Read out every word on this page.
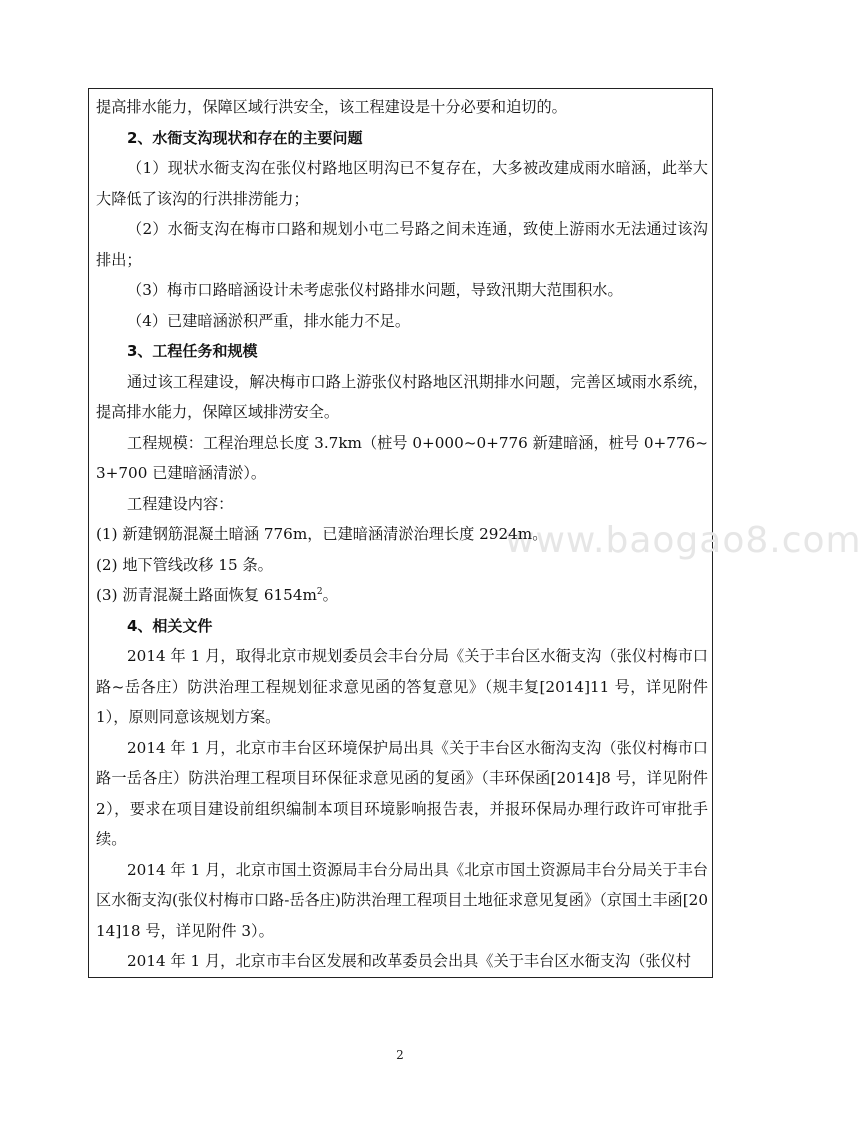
www.baogao8.com

提高排水能力，保障区域行洪安全，该工程建设是十分必要和迫切的。

2、水衙支沟现状和存在的主要问题

（1）现状水衙支沟在张仪村路地区明沟已不复存在，大多被改建成雨水暗涵，此举大大降低了该沟的行洪排涝能力；

（2）水衙支沟在梅市口路和规划小屯二号路之间未连通，致使上游雨水无法通过该沟排出；

（3）梅市口路暗涵设计未考虑张仪村路排水问题，导致汛期大范围积水。

（4）已建暗涵淤积严重，排水能力不足。

3、工程任务和规模

通过该工程建设，解决梅市口路上游张仪村路地区汛期排水问题，完善区域雨水系统，提高排水能力，保障区域排涝安全。

工程规模：工程治理总长度 3.7km（桩号 0+000~0+776 新建暗涵，桩号 0+776~3+700 已建暗涵清淤）。

工程建设内容：

(1) 新建钢筋混凝土暗涵 776m，已建暗涵清淤治理长度 2924m。

(2) 地下管线改移 15 条。

(3) 沥青混凝土路面恢复 $6154m^2$。

4、相关文件

2014 年 1 月，取得北京市规划委员会丰台分局《关于丰台区水衙支沟（张仪村梅市口路~岳各庄）防洪治理工程规划征求意见函的答复意见》（规丰复[2014]11 号，详见附件 1），原则同意该规划方案。

2014 年 1 月，北京市丰台区环境保护局出具《关于丰台区水衙沟支沟（张仪村梅市口路一岳各庄）防洪治理工程项目环保征求意见函的复函》（丰环保函[2014]8 号，详见附件 2），要求在项目建设前组织编制本项目环境影响报告表，并报环保局办理行政许可审批手续。

2014 年 1 月，北京市国土资源局丰台分局出具《北京市国土资源局丰台分局关于丰台区水衙支沟(张仪村梅市口路-岳各庄)防洪治理工程项目土地征求意见复函》（京国土丰函[2014]18 号，详见附件 3）。

2014 年 1 月，北京市丰台区发展和改革委员会出具《关于丰台区水衙支沟（张仪村

2
